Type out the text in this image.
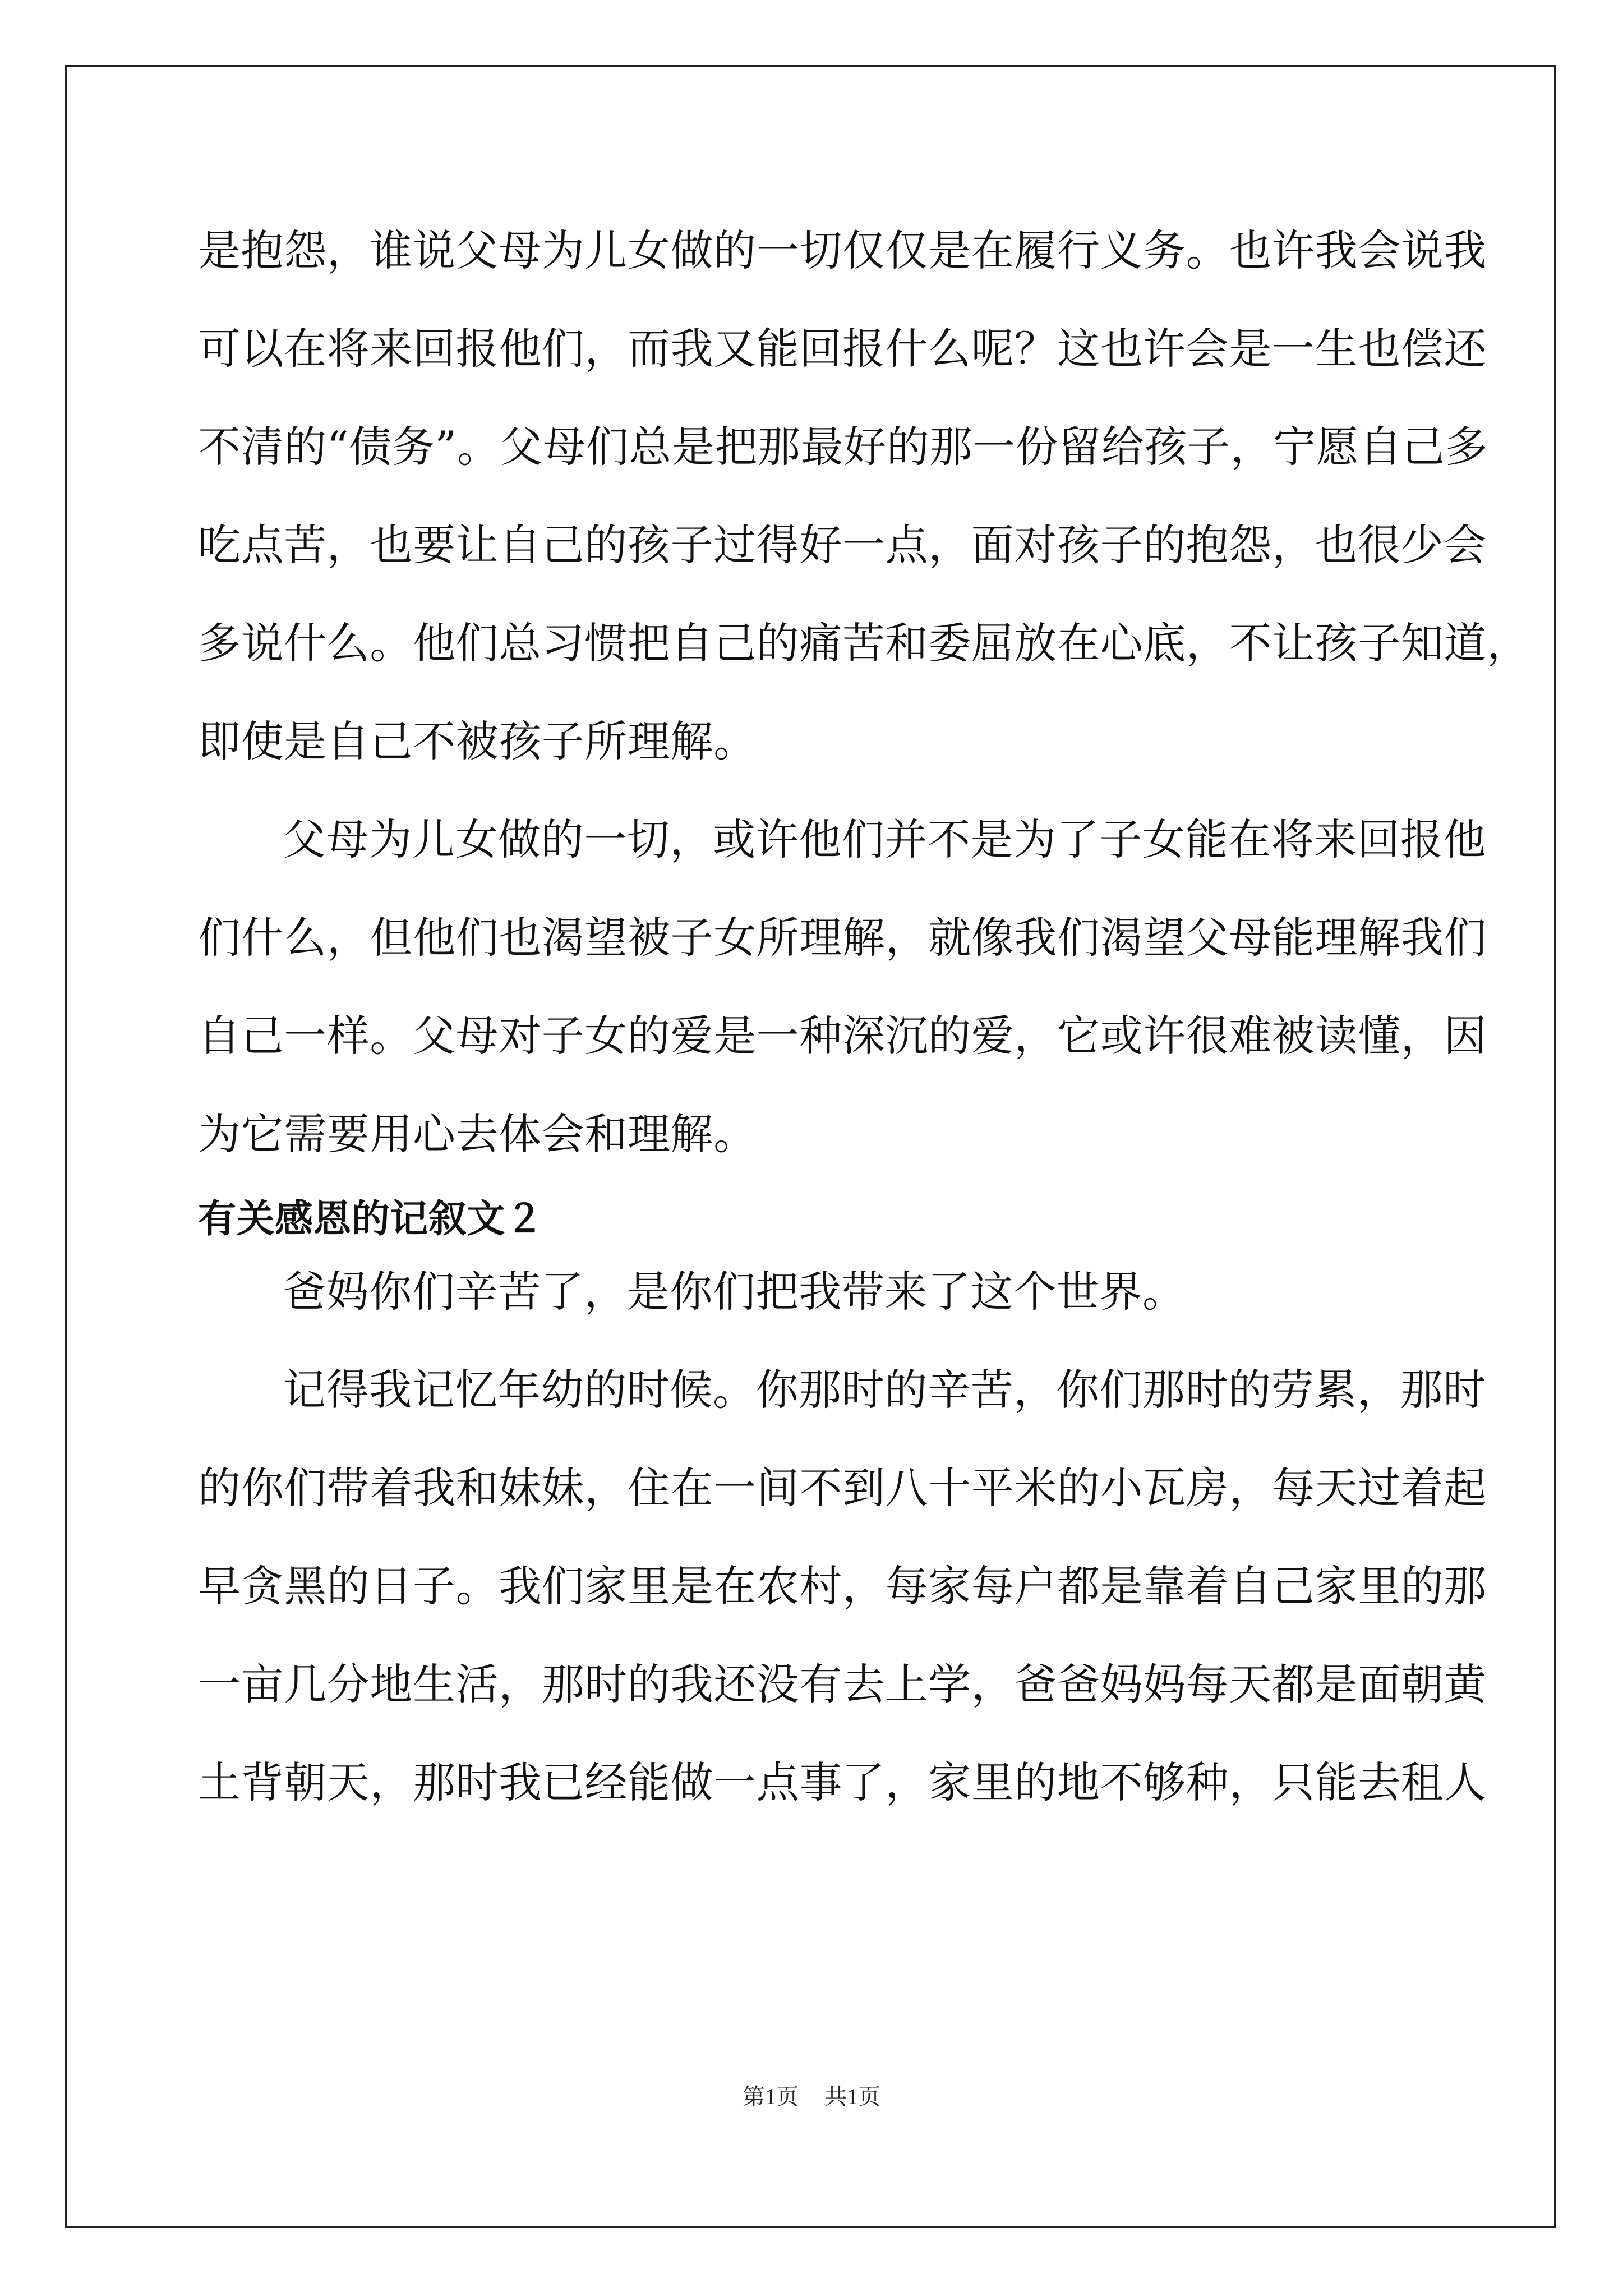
是抱怨，谁说父母为儿女做的一切仅仅是在履行义务。也许我会说我

可以在将来回报他们，而我又能回报什么呢？这也许会是一生也偿还

不清的“债务”。父母们总是把那最好的那一份留给孩子，宁愿自己多

吃点苦，也要让自己的孩子过得好一点，面对孩子的抱怨，也很少会

多说什么。他们总习惯把自己的痛苦和委屈放在心底，不让孩子知道，

即使是自己不被孩子所理解。

父母为儿女做的一切，或许他们并不是为了子女能在将来回报他

们什么，但他们也渴望被子女所理解，就像我们渴望父母能理解我们

自己一样。父母对子女的爱是一种深沉的爱，它或许很难被读懂，因

为它需要用心去体会和理解。

有关感恩的记叙文２

爸妈你们辛苦了，是你们把我带来了这个世界。

记得我记忆年幼的时候。你那时的辛苦，你们那时的劳累，那时

的你们带着我和妹妹，住在一间不到八十平米的小瓦房，每天过着起

早贪黑的日子。我们家里是在农村，每家每户都是靠着自己家里的那

一亩几分地生活，那时的我还没有去上学，爸爸妈妈每天都是面朝黄

土背朝天，那时我已经能做一点事了，家里的地不够种，只能去租人

第1页 共1页
